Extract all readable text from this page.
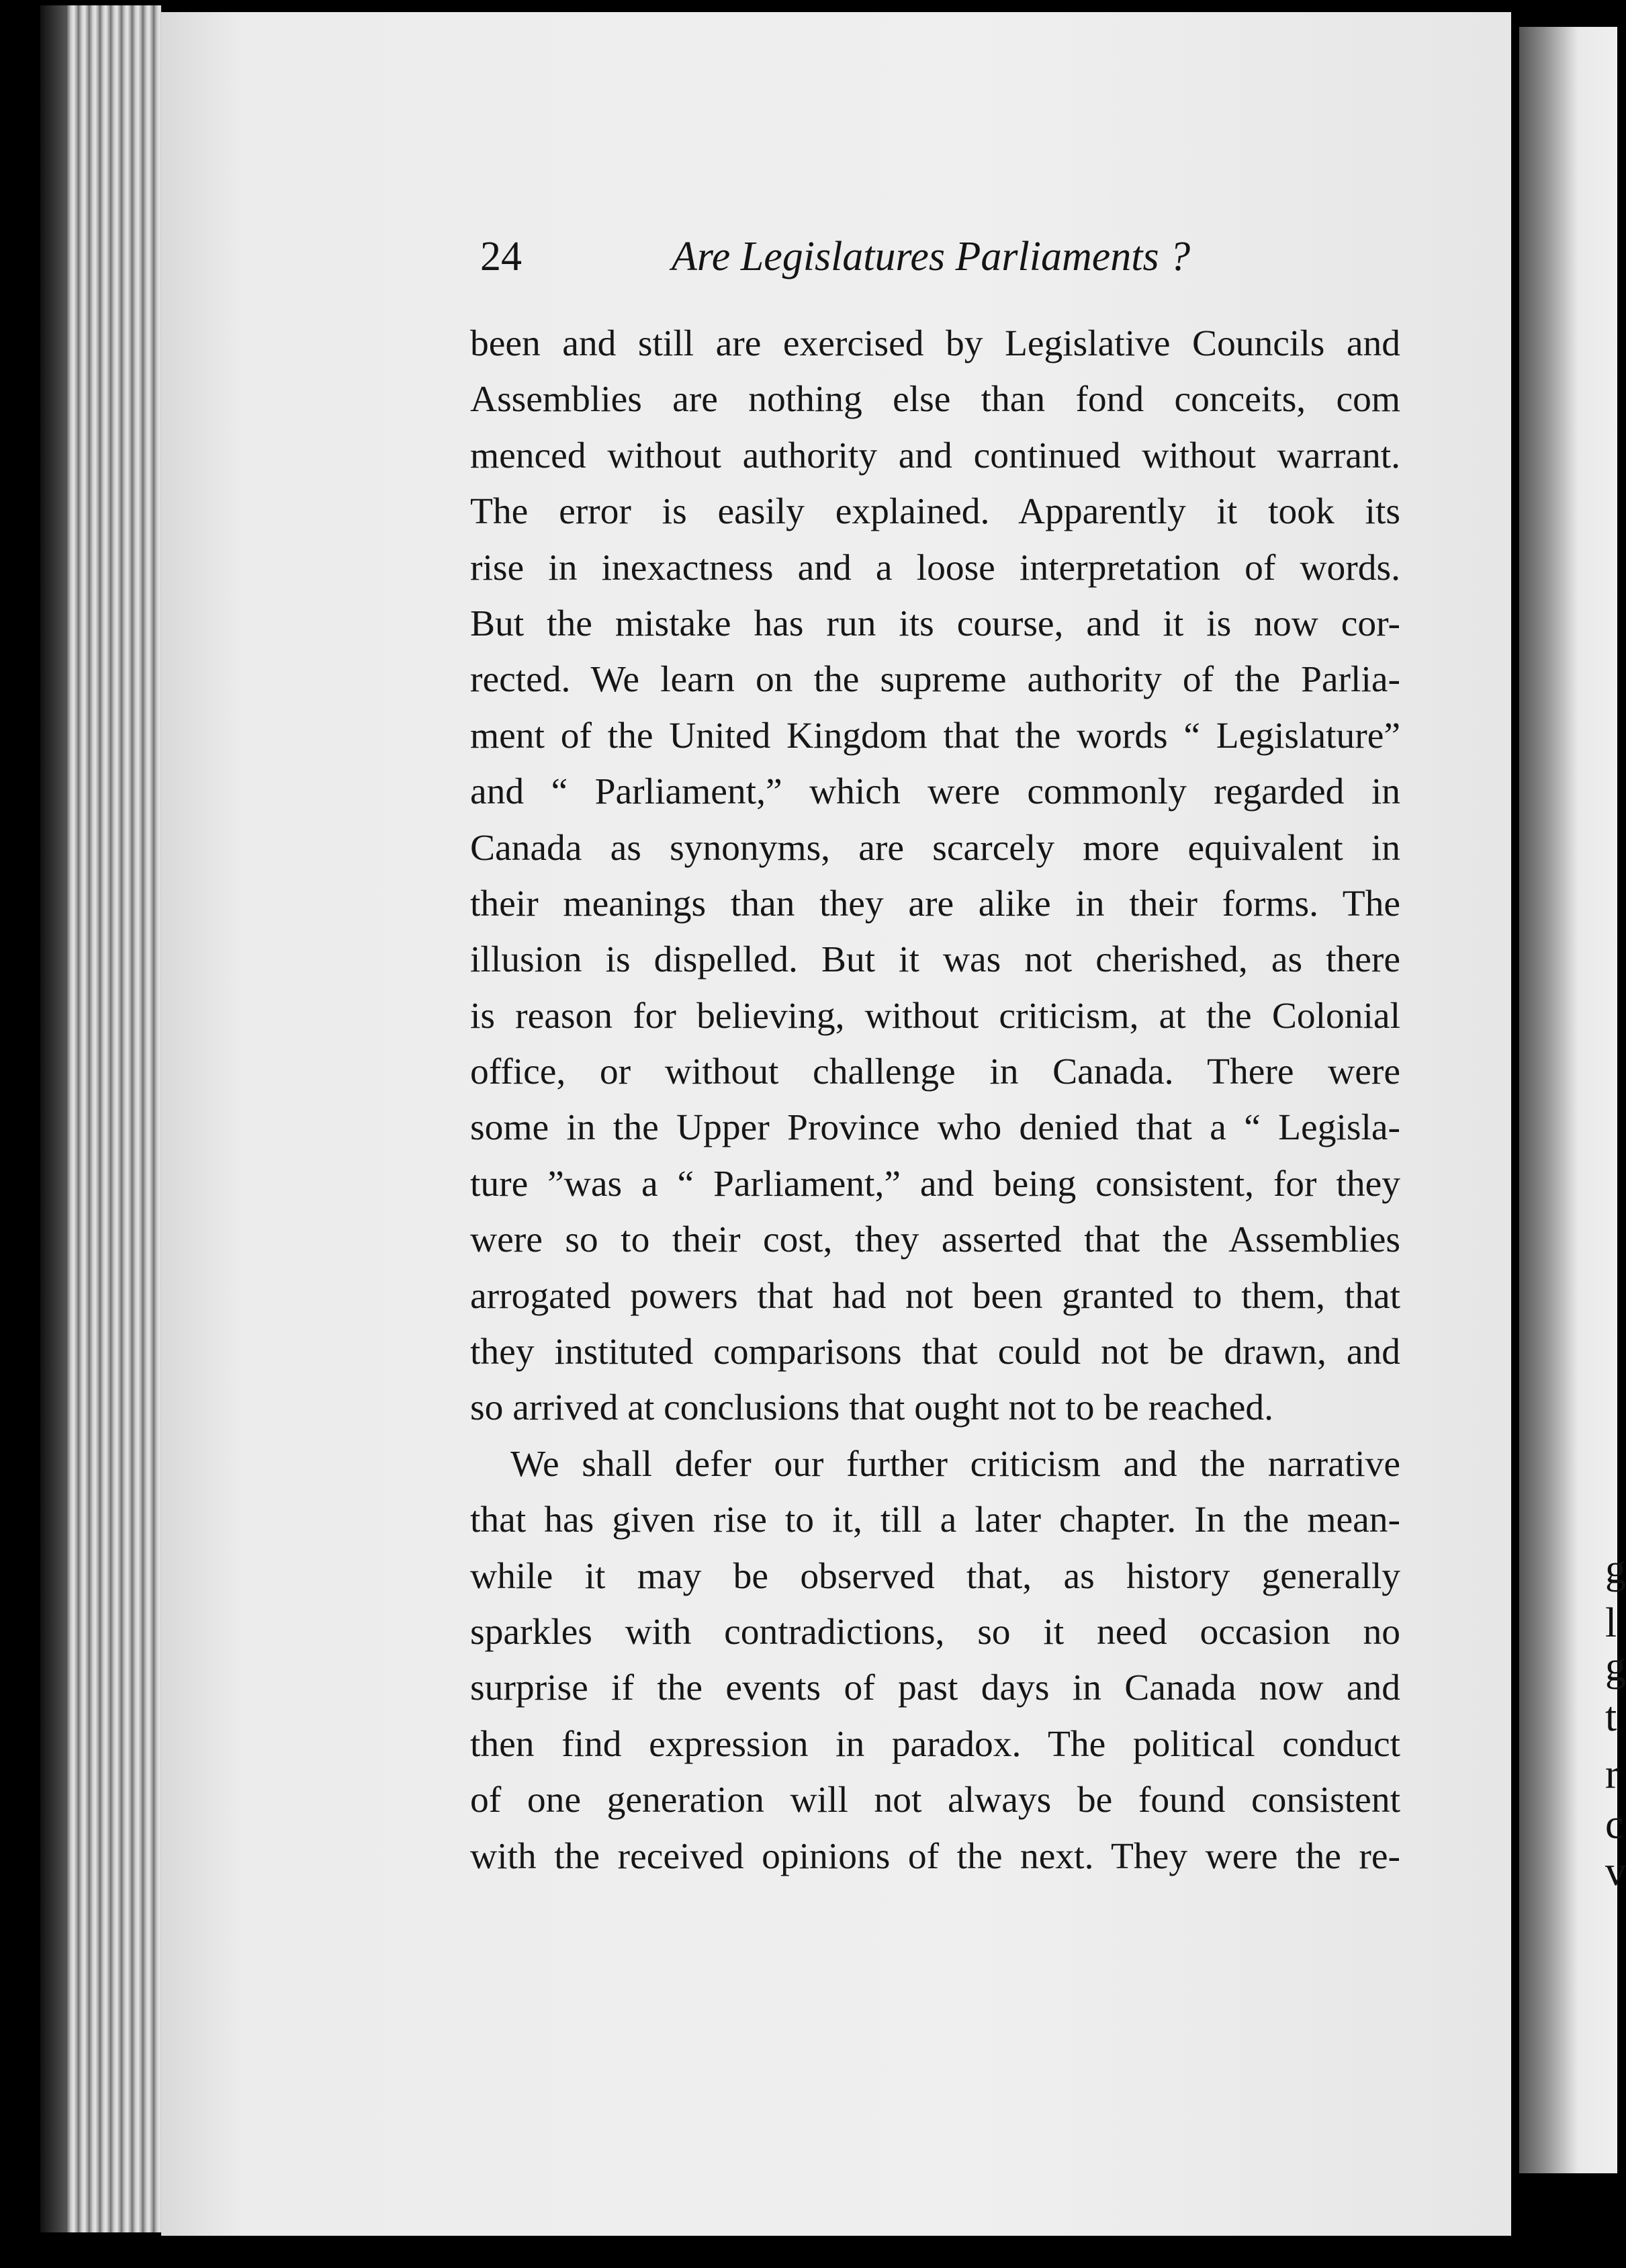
g
l
g
t
r
c
v
24	Are Legislatures Parliaments ?
been and still are exercised by Legislative Councils and
Assemblies are nothing else than fond conceits, com
menced without authority and continued without warrant.
The error is easily explained. Apparently it took its
rise in inexactness and a loose interpretation of words.
But the mistake has run its course, and it is now cor-
rected. We learn on the supreme authority of the Parlia-
ment of the United Kingdom that the words “ Legislature”
and “ Parliament,” which were commonly regarded in
Canada as synonyms, are scarcely more equivalent in
their meanings than they are alike in their forms. The
illusion is dispelled. But it was not cherished, as there
is reason for believing, without criticism, at the Colonial
office, or without challenge in Canada. There were
some in the Upper Province who denied that a “ Legisla-
ture ”was a “ Parliament,” and being consistent, for they
were so to their cost, they asserted that the Assemblies
arrogated powers that had not been granted to them, that
they instituted comparisons that could not be drawn, and
so arrived at conclusions that ought not to be reached.
We shall defer our further criticism and the narrative
that has given rise to it, till a later chapter. In the mean-
while it may be observed that, as history generally
sparkles with contradictions, so it need occasion no
surprise if the events of past days in Canada now and
then find expression in paradox. The political conduct
of one generation will not always be found consistent
with the received opinions of the next. They were the re-
